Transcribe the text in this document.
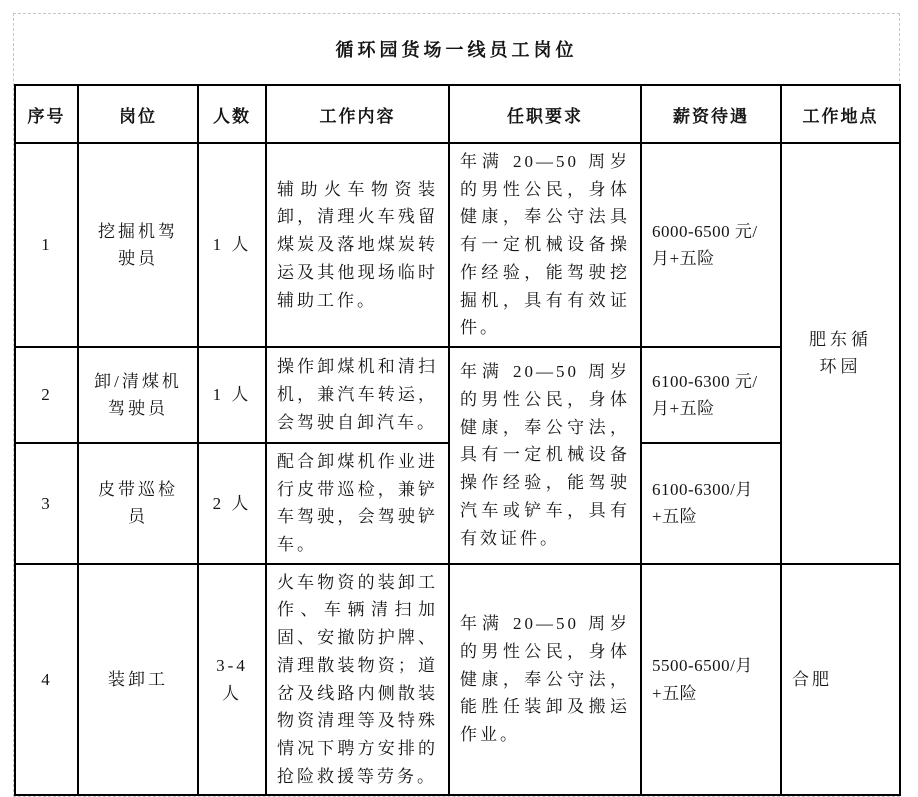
循环园货场一线员工岗位
序号	岗位	人数	工作内容	任职要求	薪资待遇	工作地点
1	挖掘机驾驶员	1 人	辅助火车物资装卸，清理火车残留煤炭及落地煤炭转运及其他现场临时辅助工作。	年满 20—50 周岁的男性公民，身体健康，奉公守法具有一定机械设备操作经验，能驾驶挖掘机，具有有效证件。	6000-6500 元/月+五险	肥东循环园
2	卸/清煤机驾驶员	1 人	操作卸煤机和清扫机，兼汽车转运，会驾驶自卸汽车。	年满 20—50 周岁的男性公民，身体健康，奉公守法，具有一定机械设备操作经验，能驾驶汽车或铲车，具有有效证件。	6100-6300 元/月+五险	
3	皮带巡检员	2 人	配合卸煤机作业进行皮带巡检，兼铲车驾驶，会驾驶铲车。		6100-6300/月+五险	
4	装卸工	3-4 人	火车物资的装卸工作、车辆清扫加固、安撤防护牌、清理散装物资；道岔及线路内侧散装物资清理等及特殊情况下聘方安排的抢险救援等劳务。	年满 20—50 周岁的男性公民，身体健康，奉公守法，能胜任装卸及搬运作业。	5500-6500/月+五险	合肥
